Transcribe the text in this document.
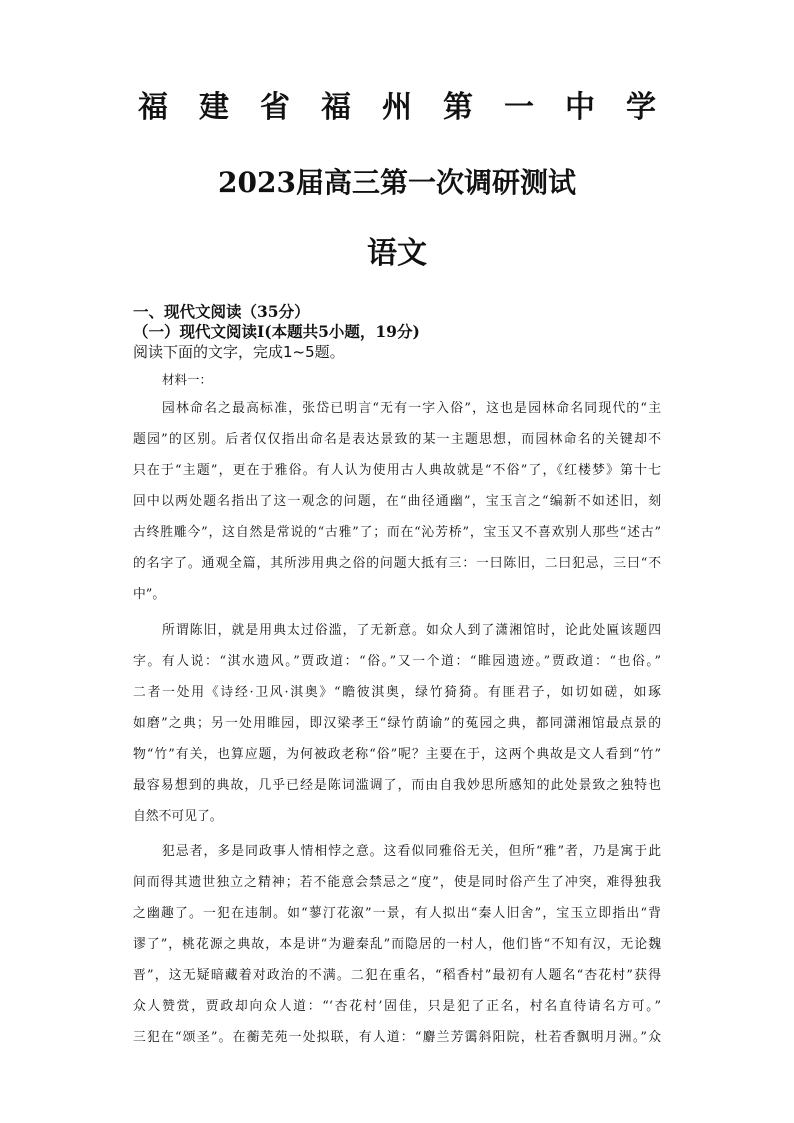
福建省福州第一中学
2023届高三第一次调研测试
语文
一、现代文阅读（35分）
（一）现代文阅读Ⅰ(本题共5小题，19分)
阅读下面的文字，完成1~5题。
材料一：
园林命名之最高标准，张岱已明言“无有一字入俗”，这也是园林命名同现代的“主
题园”的区别。后者仅仅指出命名是表达景致的某一主题思想，而园林命名的关键却不
只在于“主题”，更在于雅俗。有人认为使用古人典故就是“不俗”了，《红楼梦》第十七
回中以两处题名指出了这一观念的问题，在“曲径通幽”，宝玉言之“编新不如述旧，刻
古终胜雕今”，这自然是常说的“古雅”了；而在“沁芳桥”，宝玉又不喜欢别人那些“述古”
的名字了。通观全篇，其所涉用典之俗的问题大抵有三：一曰陈旧，二曰犯忌，三曰“不
中”。
所谓陈旧，就是用典太过俗滥，了无新意。如众人到了潇湘馆时，论此处匾该题四
字。有人说：“淇水遗风。”贾政道：“俗。”又一个道：“睢园遗迹。”贾政道：“也俗。”
二者一处用《诗经·卫风·淇奥》“瞻彼淇奥，绿竹猗猗。有匪君子，如切如磋，如琢
如磨”之典；另一处用睢园，即汉梁孝王“绿竹荫谕”的菟园之典，都同潇湘馆最点景的
物“竹”有关，也算应题，为何被政老称“俗”呢？主要在于，这两个典故是文人看到“竹”
最容易想到的典故，几乎已经是陈词滥调了，而由自我妙思所感知的此处景致之独特也
自然不可见了。
犯忌者，多是同政事人情相悖之意。这看似同雅俗无关，但所“雅”者，乃是寓于此
间而得其遗世独立之精神；若不能意会禁忌之“度”，使是同时俗产生了冲突，难得独我
之幽趣了。一犯在违制。如“蓼汀花溆”一景，有人拟出“秦人旧舍”，宝玉立即指出“背
谬了”，桃花源之典故，本是讲“为避秦乱”而隐居的一村人，他们皆“不知有汉，无论魏
晋”，这无疑暗藏着对政治的不满。二犯在重名，“稻香村”最初有人题名“杏花村”获得
众人赞赏，贾政却向众人道：“‘杏花村’固佳，只是犯了正名，村名直待请名方可。”
三犯在“颂圣”。在蘅芜苑一处拟联，有人道：“麝兰芳霭斜阳院，杜若香飘明月洲。”众
